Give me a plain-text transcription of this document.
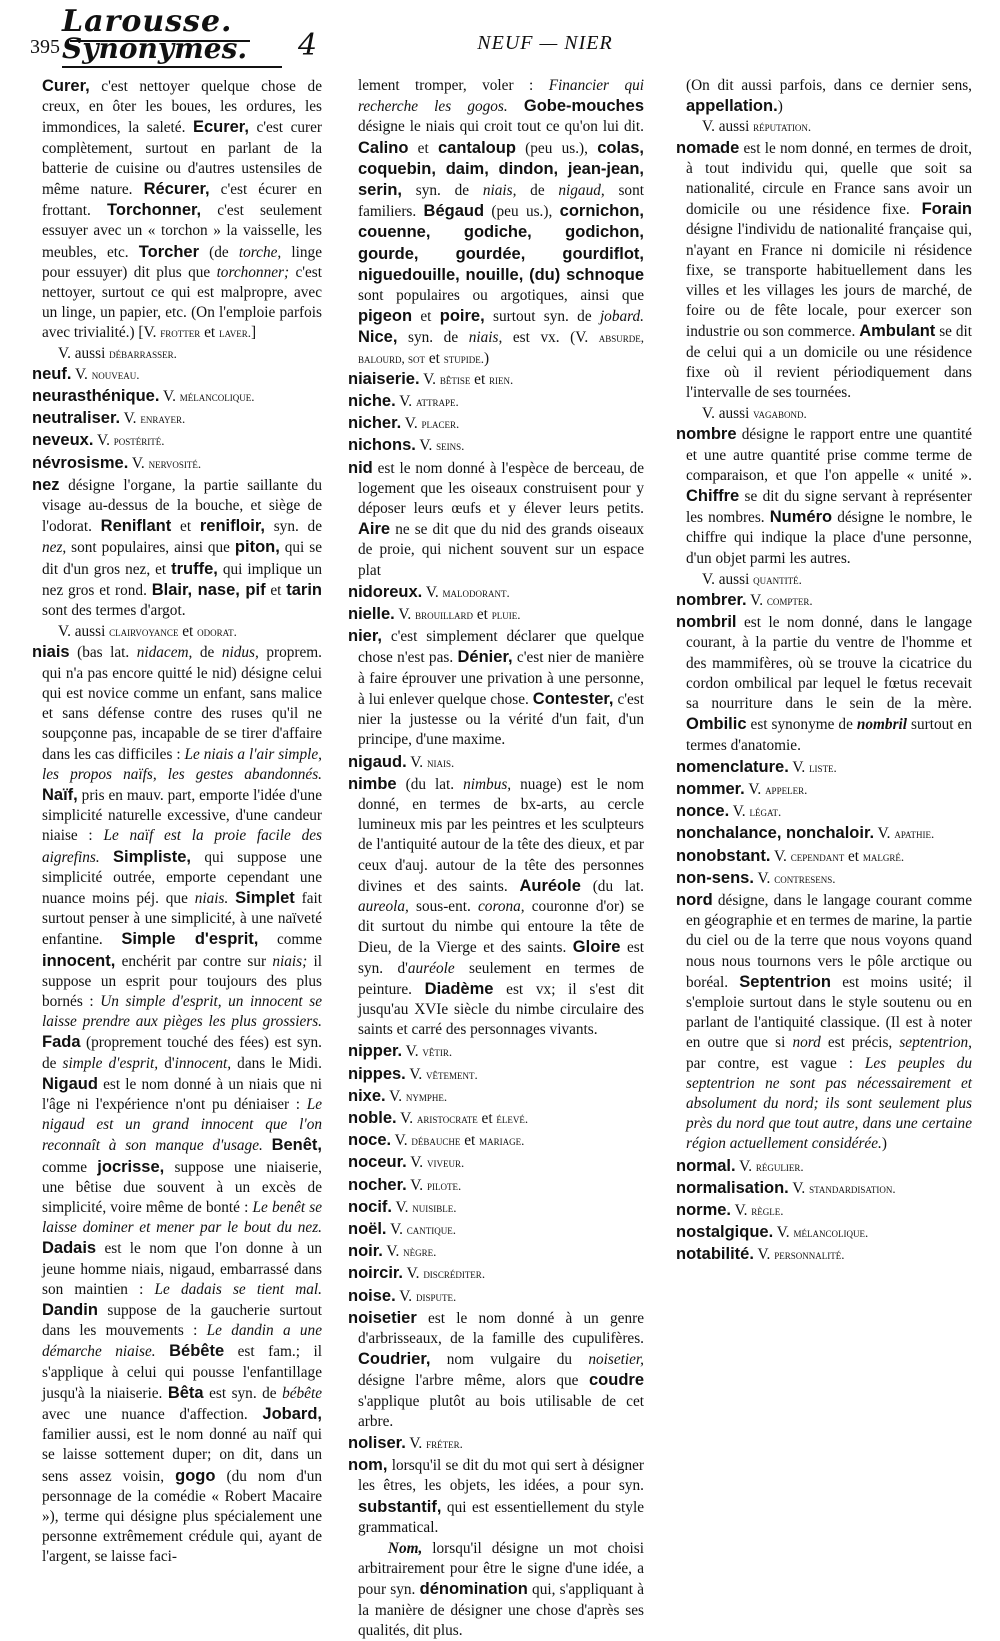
395
Larousse.
Synonymes. 4	NEUF — NIER

Curer, c'est nettoyer quelque chose de creux, en ôter les boues, les ordures, les immondices, la saleté. Ecurer, c'est curer complètement, surtout en parlant de la batterie de cuisine ou d'autres ustensiles de même nature. Récurer, c'est écurer en frottant. Torchonner, c'est seulement essuyer avec un « torchon » la vaisselle, les meubles, etc. Torcher (de torche, linge pour essuyer) dit plus que torchonner; c'est nettoyer, surtout ce qui est malpropre, avec un linge, un papier, etc. (On l'emploie parfois avec trivialité.) [V. frotter et laver.]

V. aussi débarrasser.

neuf. V. nouveau.

neurasthénique. V. mélancolique.

neutraliser. V. enrayer.

neveux. V. postérité.

névrosisme. V. nervosité.

nez désigne l'organe, la partie saillante du visage au-dessus de la bouche, et siège de l'odorat. Reniflant et renifloir, syn. de nez, sont populaires, ainsi que piton, qui se dit d'un gros nez, et truffe, qui implique un nez gros et rond. Blair, nase, pif et tarin sont des termes d'argot.

V. aussi clairvoyance et odorat.

niais (bas lat. nidacem, de nidus, proprem. qui n'a pas encore quitté le nid) désigne celui qui est novice comme un enfant, sans malice et sans défense contre des ruses qu'il ne soupçonne pas, incapable de se tirer d'affaire dans les cas difficiles : Le niais a l'air simple, les propos naïfs, les gestes abandonnés. Naïf, pris en mauv. part, emporte l'idée d'une simplicité naturelle excessive, d'une candeur niaise : Le naïf est la proie facile des aigrefins. Simpliste, qui suppose une simplicité outrée, emporte cependant une nuance moins péj. que niais. Simplet fait surtout penser à une simplicité, à une naïveté enfantine. Simple d'esprit, comme innocent, enchérit par contre sur niais; il suppose un esprit pour toujours des plus bornés : Un simple d'esprit, un innocent se laisse prendre aux pièges les plus grossiers. Fada (proprement touché des fées) est syn. de simple d'esprit, d'innocent, dans le Midi. Nigaud est le nom donné à un niais que ni l'âge ni l'expérience n'ont pu déniaiser : Le nigaud est un grand innocent que l'on reconnaît à son manque d'usage. Benêt, comme jocrisse, suppose une niaiserie, une bêtise due souvent à un excès de simplicité, voire même de bonté : Le benêt se laisse dominer et mener par le bout du nez. Dadais est le nom que l'on donne à un jeune homme niais, nigaud, embarrassé dans son maintien : Le dadais se tient mal. Dandin suppose de la gaucherie surtout dans les mouvements : Le dandin a une démarche niaise. Bébête est fam.; il s'applique à celui qui pousse l'enfantillage jusqu'à la niaiserie. Bêta est syn. de bébête avec une nuance d'affection. Jobard, familier aussi, est le nom donné au naïf qui se laisse sottement duper; on dit, dans un sens assez voisin, gogo (du nom d'un personnage de la comédie « Robert Macaire »), terme qui désigne plus spécialement une personne extrêmement crédule qui, ayant de l'argent, se laisse faci-

lement tromper, voler : Financier qui recherche les gogos. Gobe-mouches désigne le niais qui croit tout ce qu'on lui dit. Calino et cantaloup (peu us.), colas, coquebin, daim, dindon, jean-jean, serin, syn. de niais, de nigaud, sont familiers. Bégaud (peu us.), cornichon, couenne, godiche, godichon, gourde, gourdée, gourdiflot, niguedouille, nouille, (du) schnoque sont populaires ou argotiques, ainsi que pigeon et poire, surtout syn. de jobard. Nice, syn. de niais, est vx. (V. absurde, balourd, sot et stupide.)

niaiserie. V. bêtise et rien.

niche. V. attrape.

nicher. V. placer.

nichons. V. seins.

nid est le nom donné à l'espèce de berceau, de logement que les oiseaux construisent pour y déposer leurs œufs et y élever leurs petits. Aire ne se dit que du nid des grands oiseaux de proie, qui nichent souvent sur un espace plat

nidoreux. V. malodorant.

nielle. V. brouillard et pluie.

nier, c'est simplement déclarer que quelque chose n'est pas. Dénier, c'est nier de manière à faire éprouver une privation à une personne, à lui enlever quelque chose. Contester, c'est nier la justesse ou la vérité d'un fait, d'un principe, d'une maxime.

nigaud. V. niais.

nimbe (du lat. nimbus, nuage) est le nom donné, en termes de bx-arts, au cercle lumineux mis par les peintres et les sculpteurs de l'antiquité autour de la tête des dieux, et par ceux d'auj. autour de la tête des personnes divines et des saints. Auréole (du lat. aureola, sous-ent. corona, couronne d'or) se dit surtout du nimbe qui entoure la tête de Dieu, de la Vierge et des saints. Gloire est syn. d'auréole seulement en termes de peinture. Diadème est vx; il s'est dit jusqu'au XVIe siècle du nimbe circulaire des saints et carré des personnages vivants.

nipper. V. vêtir.

nippes. V. vêtement.

nixe. V. nymphe.

noble. V. aristocrate et élevé.

noce. V. débauche et mariage.

noceur. V. viveur.

nocher. V. pilote.

nocif. V. nuisible.

noël. V. cantique.

noir. V. nègre.

noircir. V. discréditer.

noise. V. dispute.

noisetier est le nom donné à un genre d'arbrisseaux, de la famille des cupulifères. Coudrier, nom vulgaire du noisetier, désigne l'arbre même, alors que coudre s'applique plutôt au bois utilisable de cet arbre.

noliser. V. fréter.

nom, lorsqu'il se dit du mot qui sert à désigner les êtres, les objets, les idées, a pour syn. substantif, qui est essentiellement du style grammatical.

Nom, lorsqu'il désigne un mot choisi arbitrairement pour être le signe d'une idée, a pour syn. dénomination qui, s'appliquant à la manière de désigner une chose d'après ses qualités, dit plus.

(On dit aussi parfois, dans ce dernier sens, appellation.)

V. aussi réputation.

nomade est le nom donné, en termes de droit, à tout individu qui, quelle que soit sa nationalité, circule en France sans avoir un domicile ou une résidence fixe. Forain désigne l'individu de nationalité française qui, n'ayant en France ni domicile ni résidence fixe, se transporte habituellement dans les villes et les villages les jours de marché, de foire ou de fête locale, pour exercer son industrie ou son commerce. Ambulant se dit de celui qui a un domicile ou une résidence fixe où il revient périodiquement dans l'intervalle de ses tournées.

V. aussi vagabond.

nombre désigne le rapport entre une quantité et une autre quantité prise comme terme de comparaison, et que l'on appelle « unité ». Chiffre se dit du signe servant à représenter les nombres. Numéro désigne le nombre, le chiffre qui indique la place d'une personne, d'un objet parmi les autres.

V. aussi quantité.

nombrer. V. compter.

nombril est le nom donné, dans le langage courant, à la partie du ventre de l'homme et des mammifères, où se trouve la cicatrice du cordon ombilical par lequel le fœtus recevait sa nourriture dans le sein de la mère. Ombilic est synonyme de nombril surtout en termes d'anatomie.

nomenclature. V. liste.

nommer. V. appeler.

nonce. V. légat.

nonchalance, nonchaloir. V. apathie.

nonobstant. V. cependant et malgré.

non-sens. V. contresens.

nord désigne, dans le langage courant comme en géographie et en termes de marine, la partie du ciel ou de la terre que nous voyons quand nous nous tournons vers le pôle arctique ou boréal. Septentrion est moins usité; il s'emploie surtout dans le style soutenu ou en parlant de l'antiquité classique. (Il est à noter en outre que si nord est précis, septentrion, par contre, est vague : Les peuples du septentrion ne sont pas nécessairement et absolument du nord; ils sont seulement plus près du nord que tout autre, dans une certaine région actuellement considérée.)

normal. V. régulier.

normalisation. V. standardisation.

norme. V. règle.

nostalgique. V. mélancolique.

notabilité. V. personnalité.
